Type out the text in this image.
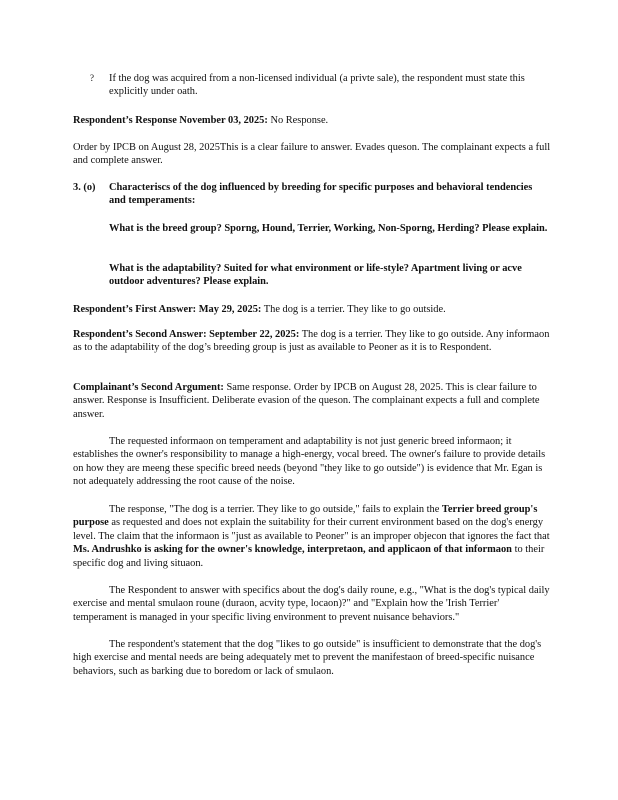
? If the dog was acquired from a non-licensed individual (a privte sale), the respondent must state this explicitly under oath.

Respondent’s Response November 03, 2025: No Response.

Order by IPCB on August 28, 2025This is a clear failure to answer. Evades queson. The complainant expects a full and complete answer.

3. (o) Characteriscs of the dog influenced by breeding for specific purposes and behavioral tendencies and temperaments:

What is the breed group? Sporng, Hound, Terrier, Working, Non-Sporng, Herding? Please explain.

What is the adaptability? Suited for what environment or life-style? Apartment living or acve outdoor adventures? Please explain.

Respondent’s First Answer: May 29, 2025: The dog is a terrier. They like to go outside.

Respondent’s Second Answer: September 22, 2025: The dog is a terrier. They like to go outside. Any informaon as to the adaptability of the dog’s breeding group is just as available to Peoner as it is to Respondent.

Complainant’s Second Argument: Same response. Order by IPCB on August 28, 2025. This is clear failure to answer. Response is Insufficient. Deliberate evasion of the queson. The complainant expects a full and complete answer.

The requested informaon on temperament and adaptability is not just generic breed informaon; it establishes the owner's responsibility to manage a high-energy, vocal breed. The owner's failure to provide details on how they are meeng these specific breed needs (beyond "they like to go outside") is evidence that Mr. Egan is not adequately addressing the root cause of the noise.

The response, "The dog is a terrier. They like to go outside," fails to explain the Terrier breed group's purpose as requested and does not explain the suitability for their current environment based on the dog's energy level. The claim that the informaon is "just as available to Peoner" is an improper objecon that ignores the fact that Ms. Andrushko is asking for the owner's knowledge, interpretaon, and applicaon of that informaon to their specific dog and living situaon.

The Respondent to answer with specifics about the dog's daily roune, e.g., "What is the dog's typical daily exercise and mental smulaon roune (duraon, acvity type, locaon)?" and "Explain how the 'Irish Terrier' temperament is managed in your specific living environment to prevent nuisance behaviors."

The respondent's statement that the dog "likes to go outside" is insufficient to demonstrate that the dog's high exercise and mental needs are being adequately met to prevent the manifestaon of breed-specific nuisance behaviors, such as barking due to boredom or lack of smulaon.
